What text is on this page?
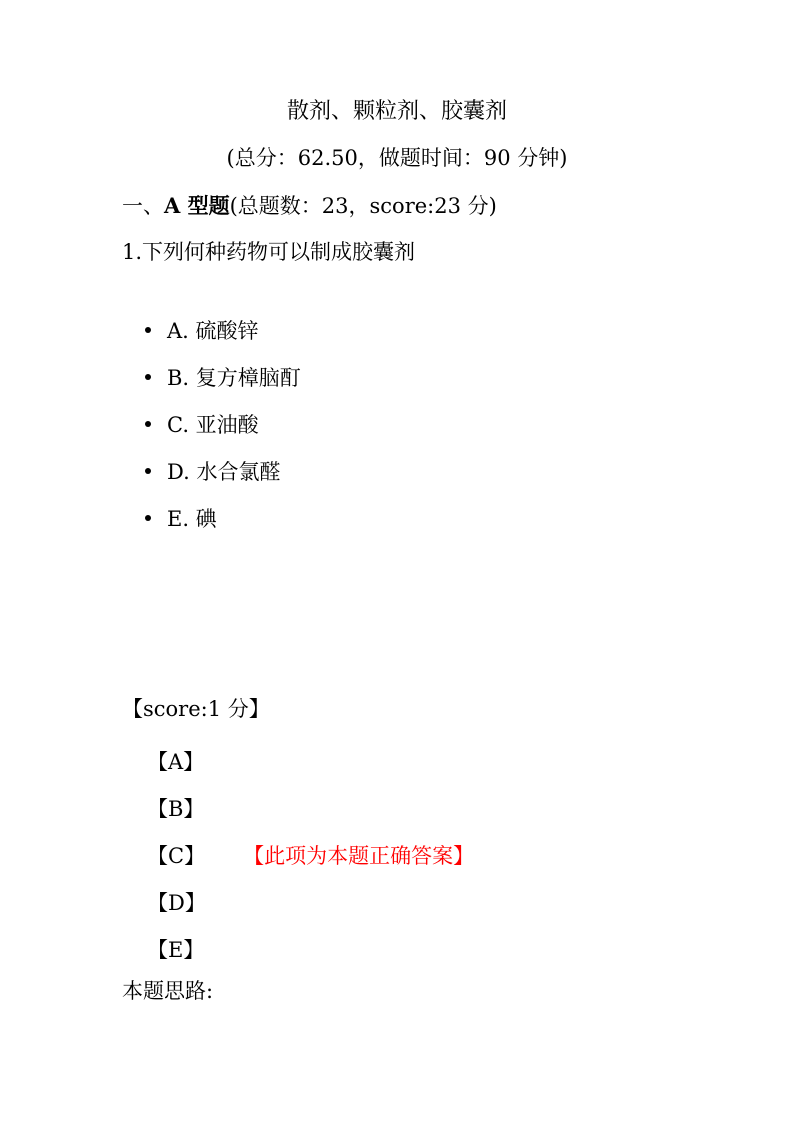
散剂、颗粒剂、胶囊剂
(总分：62.50，做题时间：90 分钟)
一、A 型题(总题数：23，score:23 分)
1.下列何种药物可以制成胶囊剂
A. 硫酸锌
B. 复方樟脑酊
C. 亚油酸
D. 水合氯醛
E. 碘
【score:1 分】
【A】
【B】
【C】 【此项为本题正确答案】
【D】
【E】
本题思路:
